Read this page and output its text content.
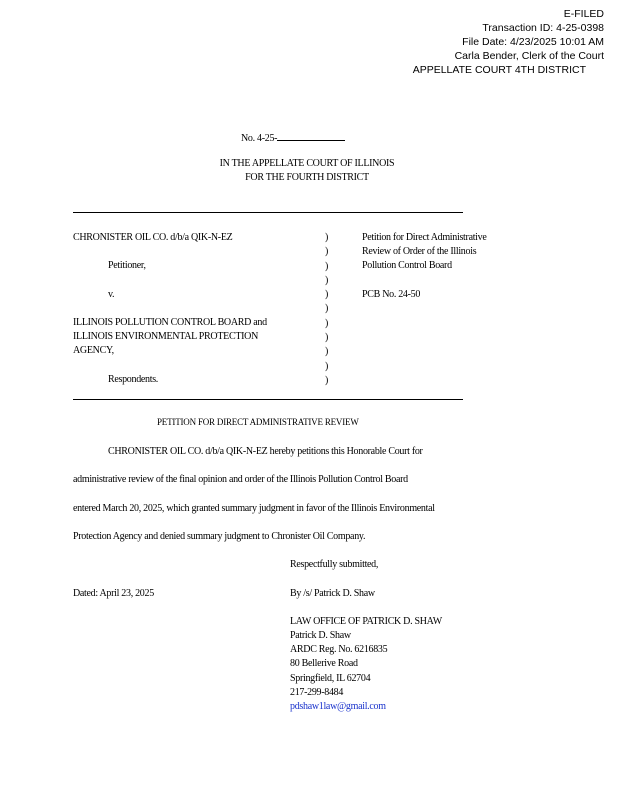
E-FILED
Transaction ID: 4-25-0398
File Date: 4/23/2025 10:01 AM
Carla Bender, Clerk of the Court
APPELLATE COURT 4TH DISTRICT
No. 4-25-
IN THE APPELLATE COURT OF ILLINOIS
FOR THE FOURTH DISTRICT
CHRONISTER OIL CO. d/b/a QIK-N-EZ
Petitioner,
v.
ILLINOIS POLLUTION CONTROL BOARD and
ILLINOIS ENVIRONMENTAL PROTECTION
AGENCY,
Respondents.
)
)
)
)
)
)
)
)
)
)
)
Petition for Direct Administrative
Review of Order of the Illinois
Pollution Control Board
PCB No. 24-50
PETITION FOR DIRECT ADMINISTRATIVE REVIEW
CHRONISTER OIL CO. d/b/a QIK-N-EZ hereby petitions this Honorable Court for
administrative review of the final opinion and order of the Illinois Pollution Control Board
entered March 20, 2025, which granted summary judgment in favor of the Illinois Environmental
Protection Agency and denied summary judgment to Chronister Oil Company.
Respectfully submitted,
Dated: April 23, 2025	By /s/ Patrick D. Shaw
LAW OFFICE OF PATRICK D. SHAW
Patrick D. Shaw
ARDC Reg. No. 6216835
80 Bellerive Road
Springfield, IL 62704
217-299-8484
pdshaw1law@gmail.com
